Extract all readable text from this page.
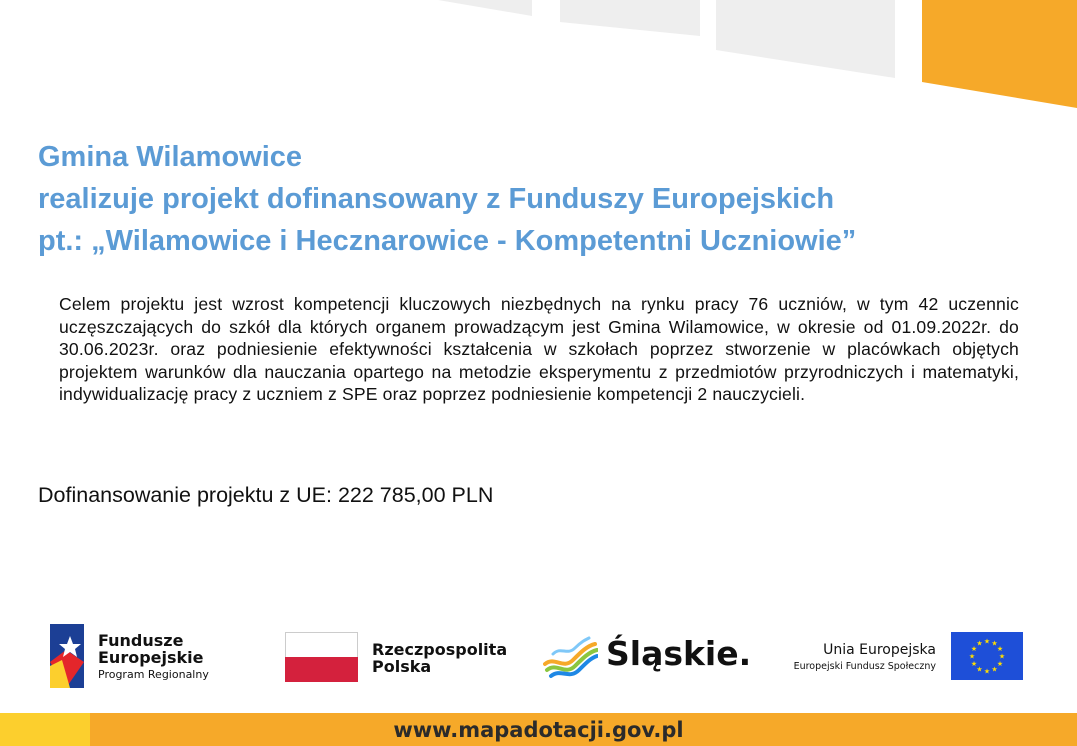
Gmina Wilamowice
realizuje projekt dofinansowany z Funduszy Europejskich
pt.: „Wilamowice i Hecznarowice - Kompetentni Uczniowie”
Celem projektu jest wzrost kompetencji kluczowych niezbędnych na rynku pracy 76 uczniów, w tym 42 uczennic uczęszczających do szkół dla których organem prowadzącym jest Gmina Wilamowice, w okresie od 01.09.2022r. do 30.06.2023r. oraz podniesienie efektywności kształcenia w szkołach poprzez stworzenie w placówkach objętych projektem warunków dla nauczania opartego na metodzie eksperymentu z przedmiotów przyrodniczych i matematyki, indywidualizację pracy z uczniem z SPE oraz poprzez podniesienie kompetencji 2 nauczycieli.
Dofinansowanie projektu z UE: 222 785,00 PLN
Fundusze
Europejskie
Program Regionalny
Rzeczpospolita
Polska	Śląskie.	Unia Europejska
Europejski Fundusz Społeczny
★ ★
★
★
★
★
★
★
★
★
★
★
www.mapadotacji.gov.pl
